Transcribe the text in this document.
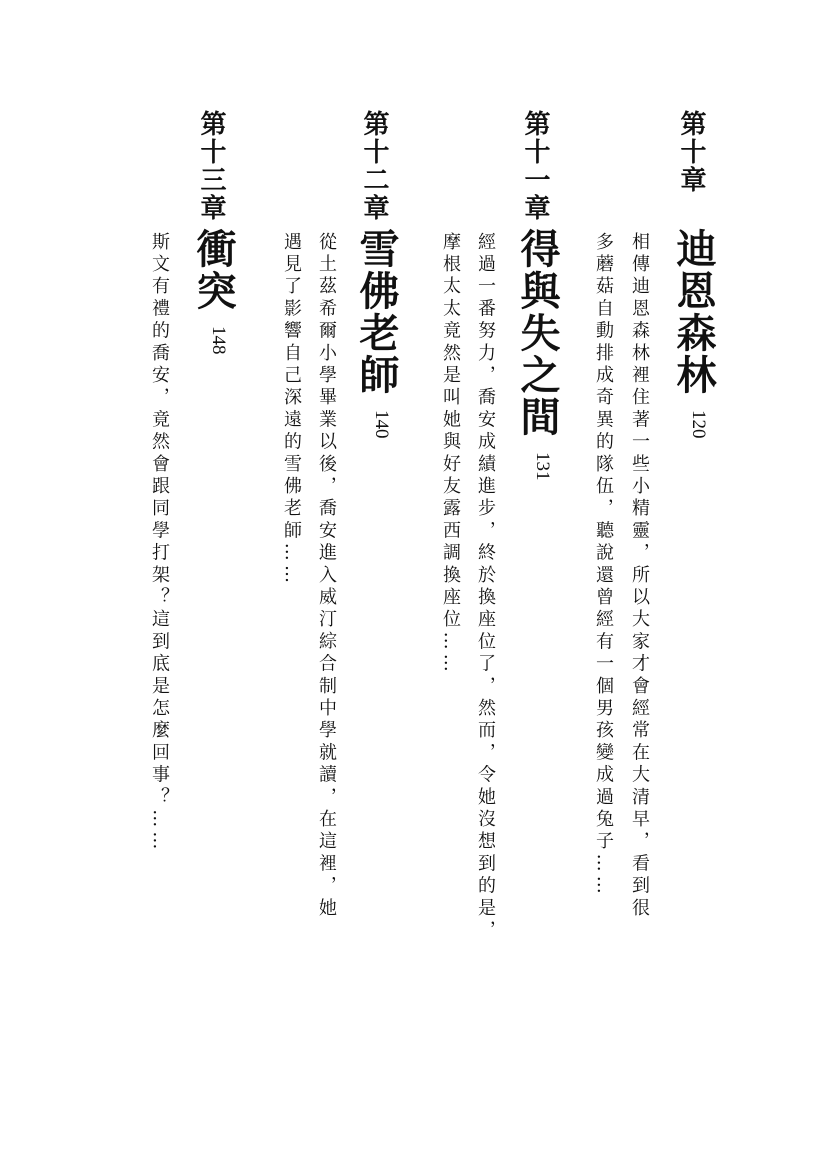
第十章
迪恩森林120
相傳迪恩森林裡住著一些小精靈，所以大家才會經常在大清早，看到很
多蘑菇自動排成奇異的隊伍，聽說還曾經有一個男孩變成過兔子……
第十一章
得與失之間131
經過一番努力，喬安成績進步，終於換座位了，然而，令她沒想到的是，
摩根太太竟然是叫她與好友露西調換座位……
第十二章
雪佛老師140
從土茲希爾小學畢業以後，喬安進入威汀綜合制中學就讀，在這裡，她
遇見了影響自己深遠的雪佛老師……
第十三章
衝突148
斯文有禮的喬安，竟然會跟同學打架？這到底是怎麼回事？……
